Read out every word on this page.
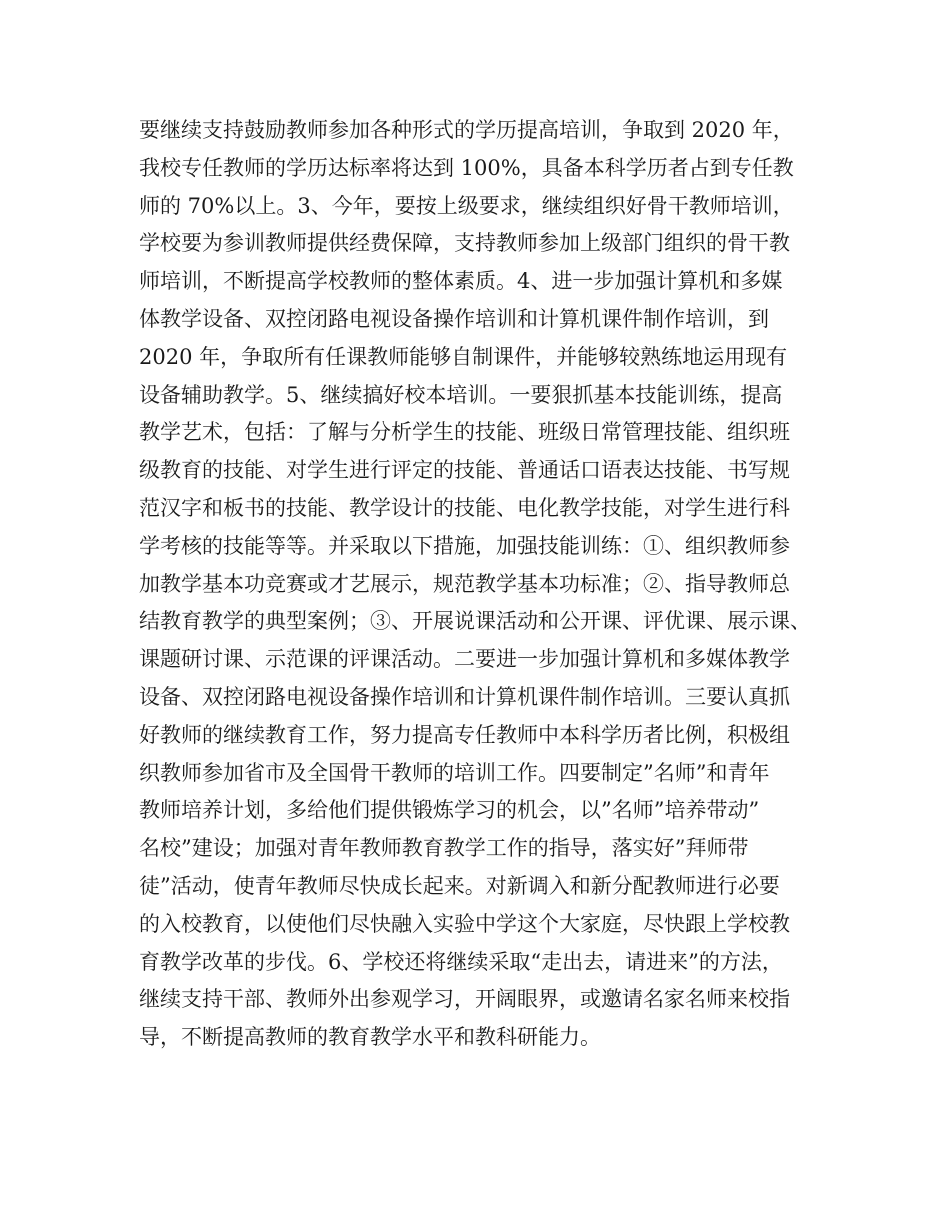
要继续支持鼓励教师参加各种形式的学历提高培训，争取到 2020 年，
我校专任教师的学历达标率将达到 100%，具备本科学历者占到专任教
师的 70%以上。3、今年，要按上级要求，继续组织好骨干教师培训，
学校要为参训教师提供经费保障，支持教师参加上级部门组织的骨干教
师培训，不断提高学校教师的整体素质。4、进一步加强计算机和多媒
体教学设备、双控闭路电视设备操作培训和计算机课件制作培训，到
2020 年，争取所有任课教师能够自制课件，并能够较熟练地运用现有
设备辅助教学。5、继续搞好校本培训。一要狠抓基本技能训练，提高
教学艺术，包括：了解与分析学生的技能、班级日常管理技能、组织班
级教育的技能、对学生进行评定的技能、普通话口语表达技能、书写规
范汉字和板书的技能、教学设计的技能、电化教学技能，对学生进行科
学考核的技能等等。并采取以下措施，加强技能训练：①、组织教师参
加教学基本功竞赛或才艺展示，规范教学基本功标准；②、指导教师总
结教育教学的典型案例；③、开展说课活动和公开课、评优课、展示课、
课题研讨课、示范课的评课活动。二要进一步加强计算机和多媒体教学
设备、双控闭路电视设备操作培训和计算机课件制作培训。三要认真抓
好教师的继续教育工作，努力提高专任教师中本科学历者比例，积极组
织教师参加省市及全国骨干教师的培训工作。四要制定”名师”和青年
教师培养计划，多给他们提供锻炼学习的机会，以”名师”培养带动”
名校”建设；加强对青年教师教育教学工作的指导，落实好”拜师带
徒”活动，使青年教师尽快成长起来。对新调入和新分配教师进行必要
的入校教育，以使他们尽快融入实验中学这个大家庭，尽快跟上学校教
育教学改革的步伐。6、学校还将继续采取“走出去，请进来”的方法，
继续支持干部、教师外出参观学习，开阔眼界，或邀请名家名师来校指
导，不断提高教师的教育教学水平和教科研能力。
